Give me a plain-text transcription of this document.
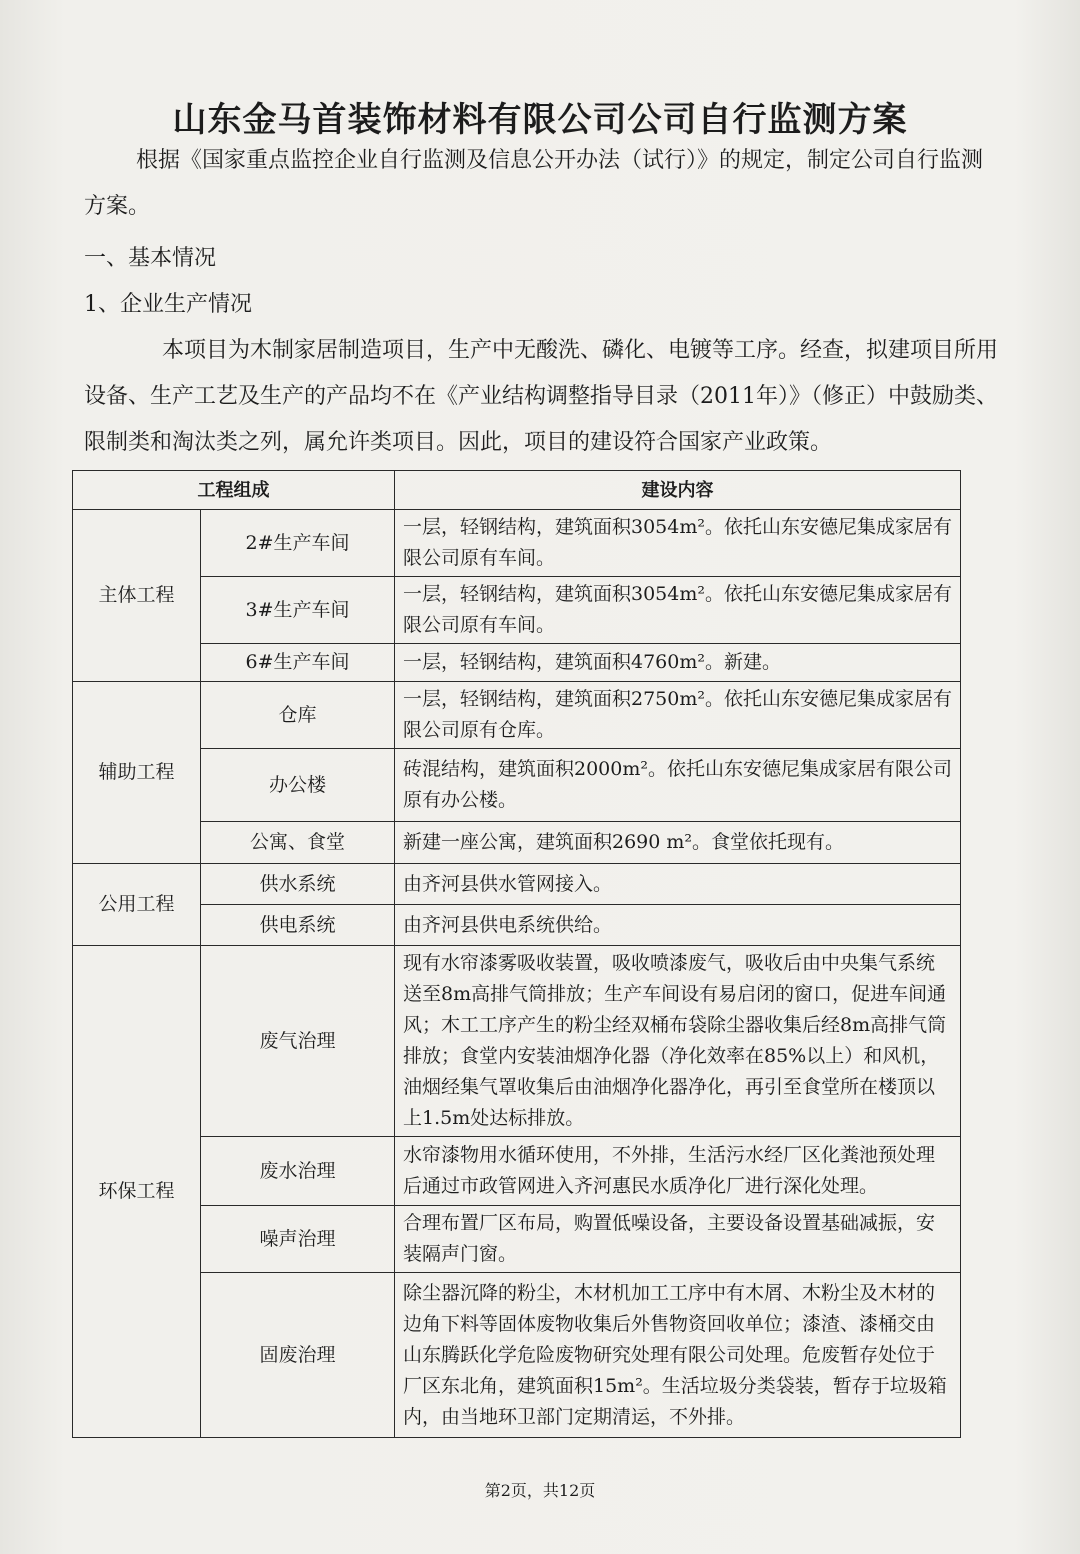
山东金马首装饰材料有限公司公司自行监测方案
根据《国家重点监控企业自行监测及信息公开办法（试行）》的规定，制定公司自行监测方案。
一、基本情况
1、企业生产情况
本项目为木制家居制造项目，生产中无酸洗、磷化、电镀等工序。经查，拟建项目所用设备、生产工艺及生产的产品均不在《产业结构调整指导目录（2011年）》（修正）中鼓励类、限制类和淘汰类之列，属允许类项目。因此，项目的建设符合国家产业政策。
工程组成		建设内容
主体工程	2#生产车间	一层，轻钢结构，建筑面积3054m²。依托山东安德尼集成家居有限公司原有车间。
	3#生产车间	一层，轻钢结构，建筑面积3054m²。依托山东安德尼集成家居有限公司原有车间。
	6#生产车间	一层，轻钢结构，建筑面积4760m²。新建。
辅助工程	仓库	一层，轻钢结构，建筑面积2750m²。依托山东安德尼集成家居有限公司原有仓库。
	办公楼	砖混结构，建筑面积2000m²。依托山东安德尼集成家居有限公司原有办公楼。
	公寓、食堂	新建一座公寓，建筑面积2690 m²。食堂依托现有。
公用工程	供水系统	由齐河县供水管网接入。
	供电系统	由齐河县供电系统供给。
环保工程	废气治理	现有水帘漆雾吸收装置，吸收喷漆废气，吸收后由中央集气系统送至8m高排气筒排放；生产车间设有易启闭的窗口，促进车间通风；木工工序产生的粉尘经双桶布袋除尘器收集后经8m高排气筒排放；食堂内安装油烟净化器（净化效率在85%以上）和风机，油烟经集气罩收集后由油烟净化器净化，再引至食堂所在楼顶以上1.5m处达标排放。
	废水治理	水帘漆物用水循环使用，不外排，生活污水经厂区化粪池预处理后通过市政管网进入齐河惠民水质净化厂进行深化处理。
	噪声治理	合理布置厂区布局，购置低噪设备，主要设备设置基础减振，安装隔声门窗。
	固废治理	除尘器沉降的粉尘，木材机加工工序中有木屑、木粉尘及木材的边角下料等固体废物收集后外售物资回收单位；漆渣、漆桶交由山东腾跃化学危险废物研究处理有限公司处理。危废暂存处位于厂区东北角，建筑面积15m²。生活垃圾分类袋装，暂存于垃圾箱内，由当地环卫部门定期清运，不外排。
第2页，共12页
